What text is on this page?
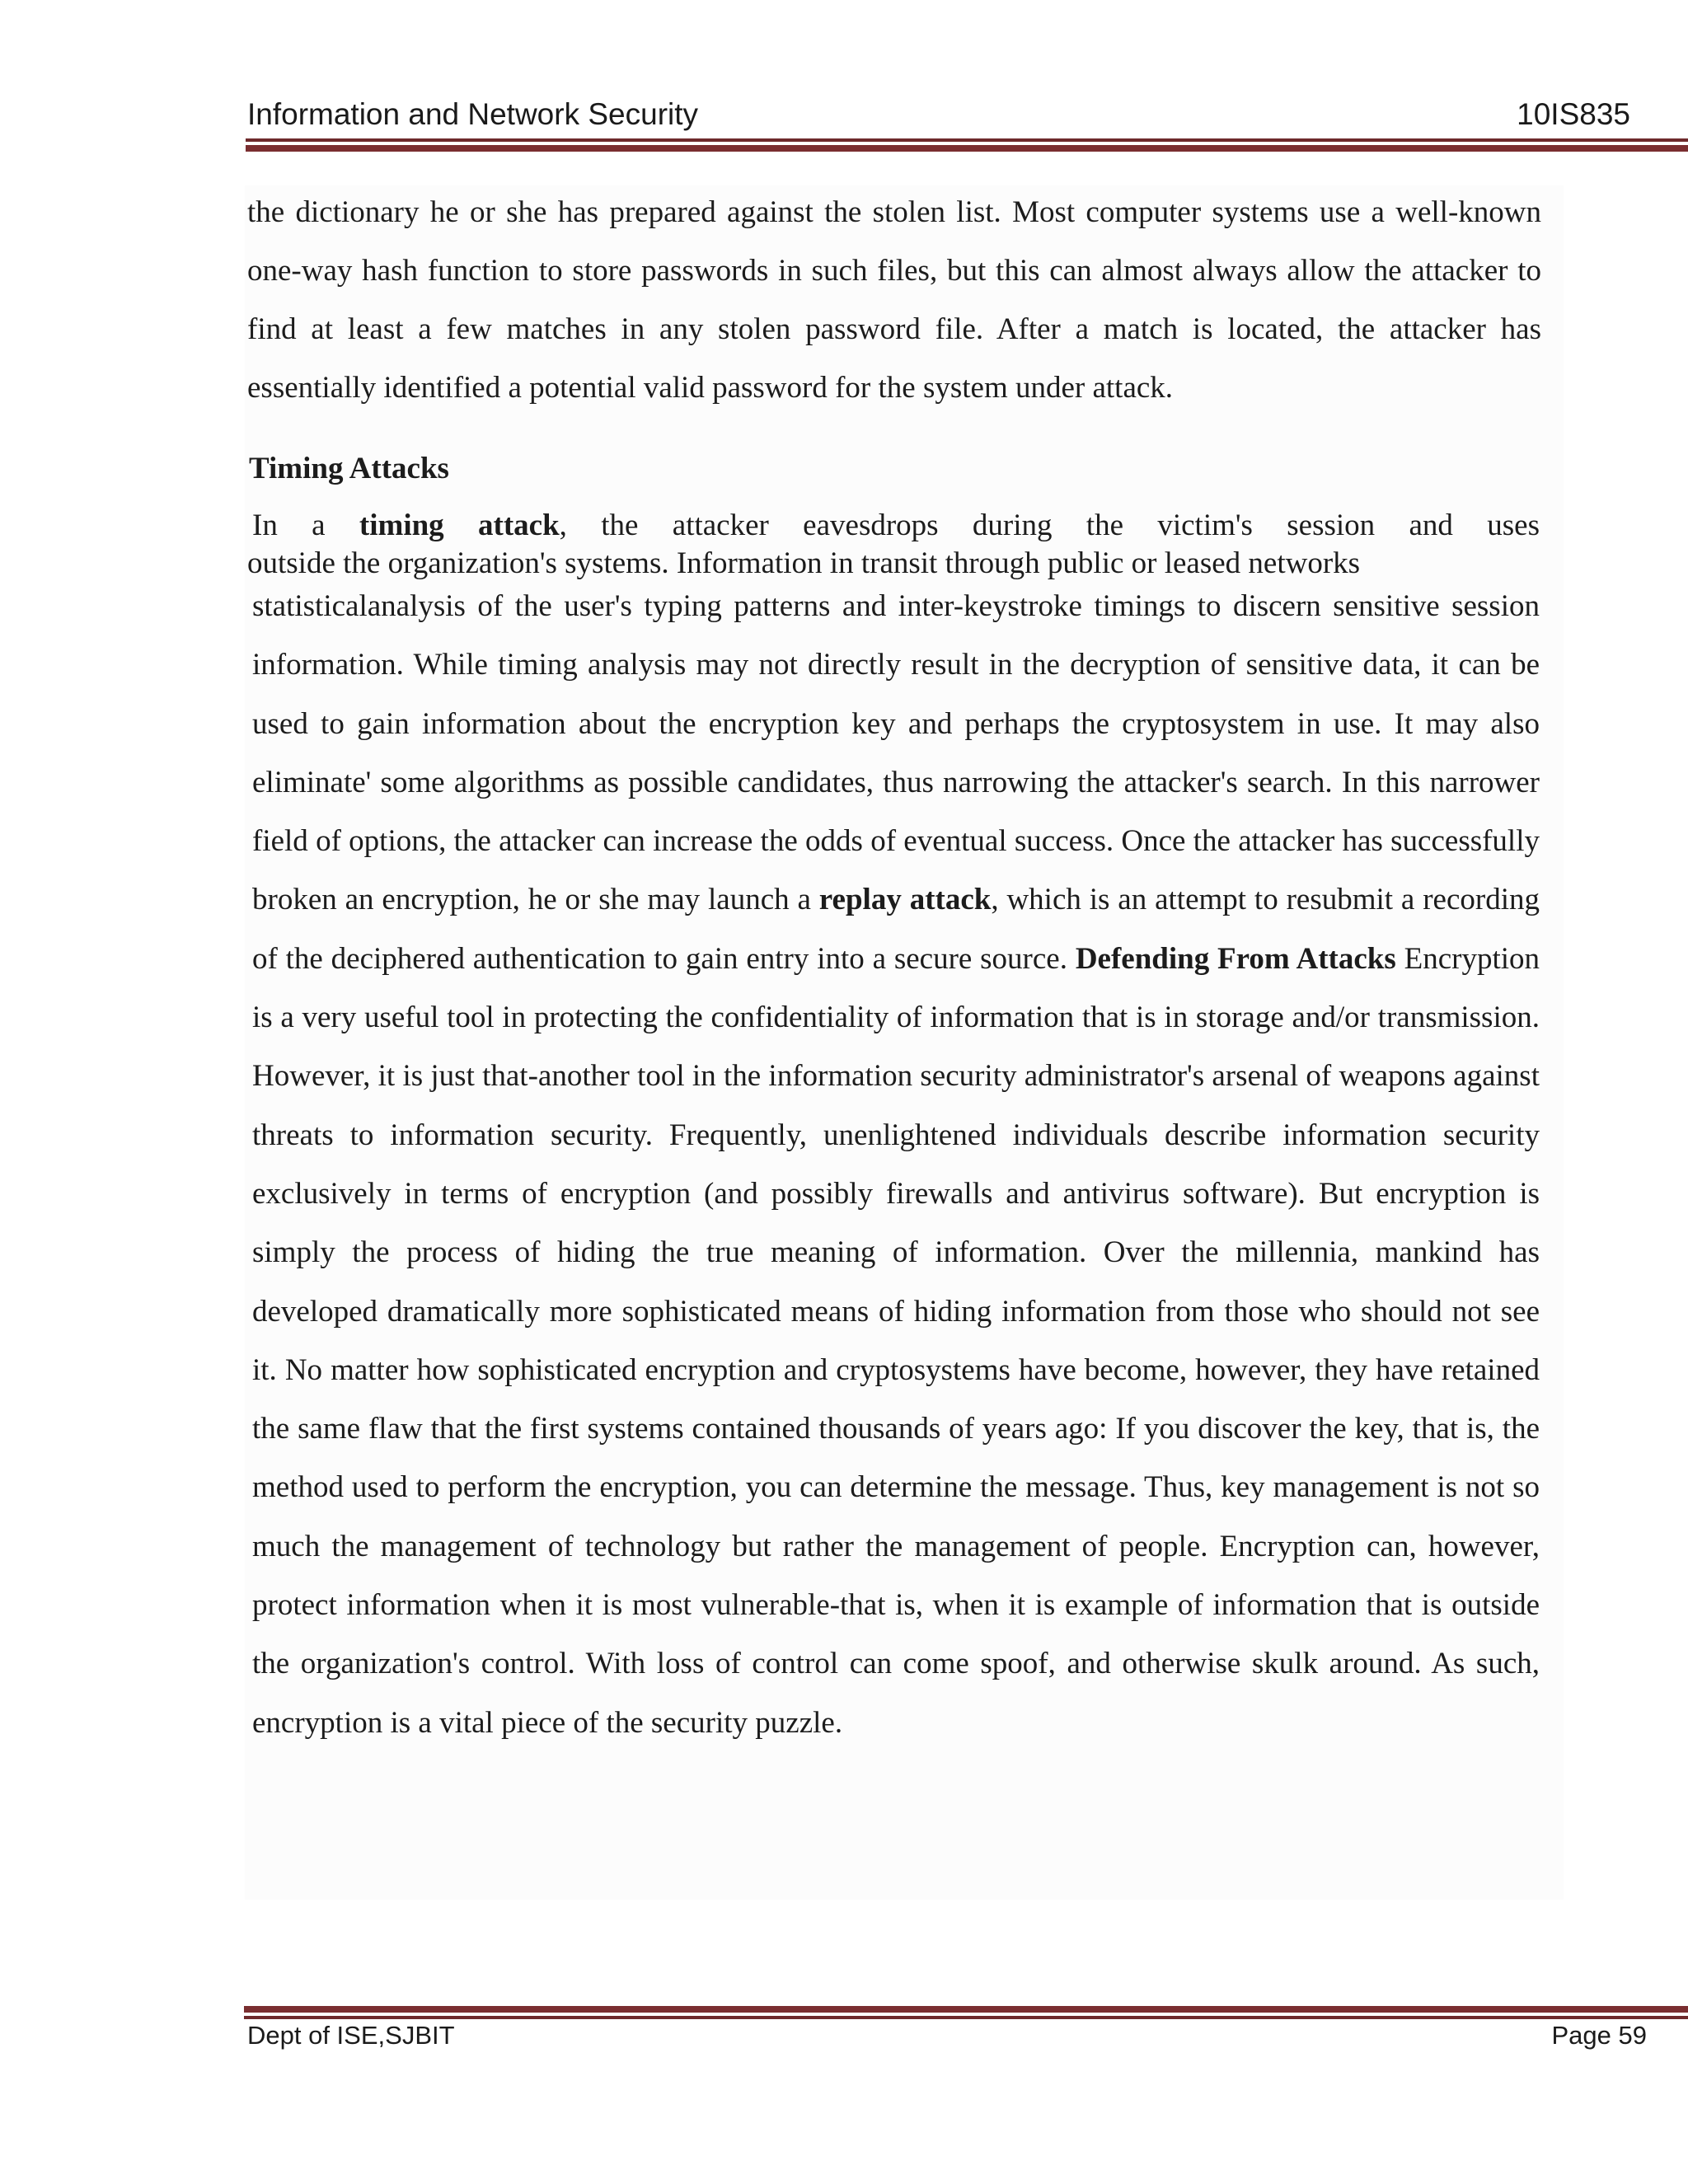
Information and Network Security	10IS835

the dictionary he or she has prepared against the stolen list. Most computer systems use a well-known one-way hash function to store passwords in such files, but this can almost always allow the attacker to find at least a few matches in any stolen password file. After a match is located, the attacker has essentially identified a potential valid password for the system under attack.

Timing Attacks
In a timing attack, the attacker eavesdrops during the victim's session and uses
outside the organization's systems. Information in transit through public or leased networks

statisticalanalysis of the user's typing patterns and inter-keystroke timings to discern sensitive session information. While timing analysis may not directly result in the decryption of sensitive data, it can be used to gain information about the encryption key and perhaps the cryptosystem in use. It may also eliminate' some algorithms as possible candidates, thus narrowing the attacker's search. In this narrower field of options, the attacker can increase the odds of eventual success. Once the attacker has successfully broken an encryption, he or she may launch a replay attack, which is an attempt to resubmit a recording of the deciphered authentication to gain entry into a secure source. Defending From Attacks Encryption is a very useful tool in protecting the confidentiality of information that is in storage and/or transmission. However, it is just that-another tool in the information security administrator's arsenal of weapons against threats to information security. Frequently, unenlightened individuals describe information security exclusively in terms of encryption (and possibly firewalls and antivirus software). But encryption is simply the process of hiding the true meaning of information. Over the millennia, mankind has developed dramatically more sophisticated means of hiding information from those who should not see it. No matter how sophisticated encryption and cryptosystems have become, however, they have retained the same flaw that the first systems contained thousands of years ago: If you discover the key, that is, the method used to perform the encryption, you can determine the message. Thus, key management is not so much the management of technology but rather the management of people. Encryption can, however, protect information when it is most vulnerable-that is, when it is example of information that is outside the organization's control. With loss of control can come spoof, and otherwise skulk around. As such, encryption is a vital piece of the security puzzle.

Dept of ISE,SJBIT	Page 59
